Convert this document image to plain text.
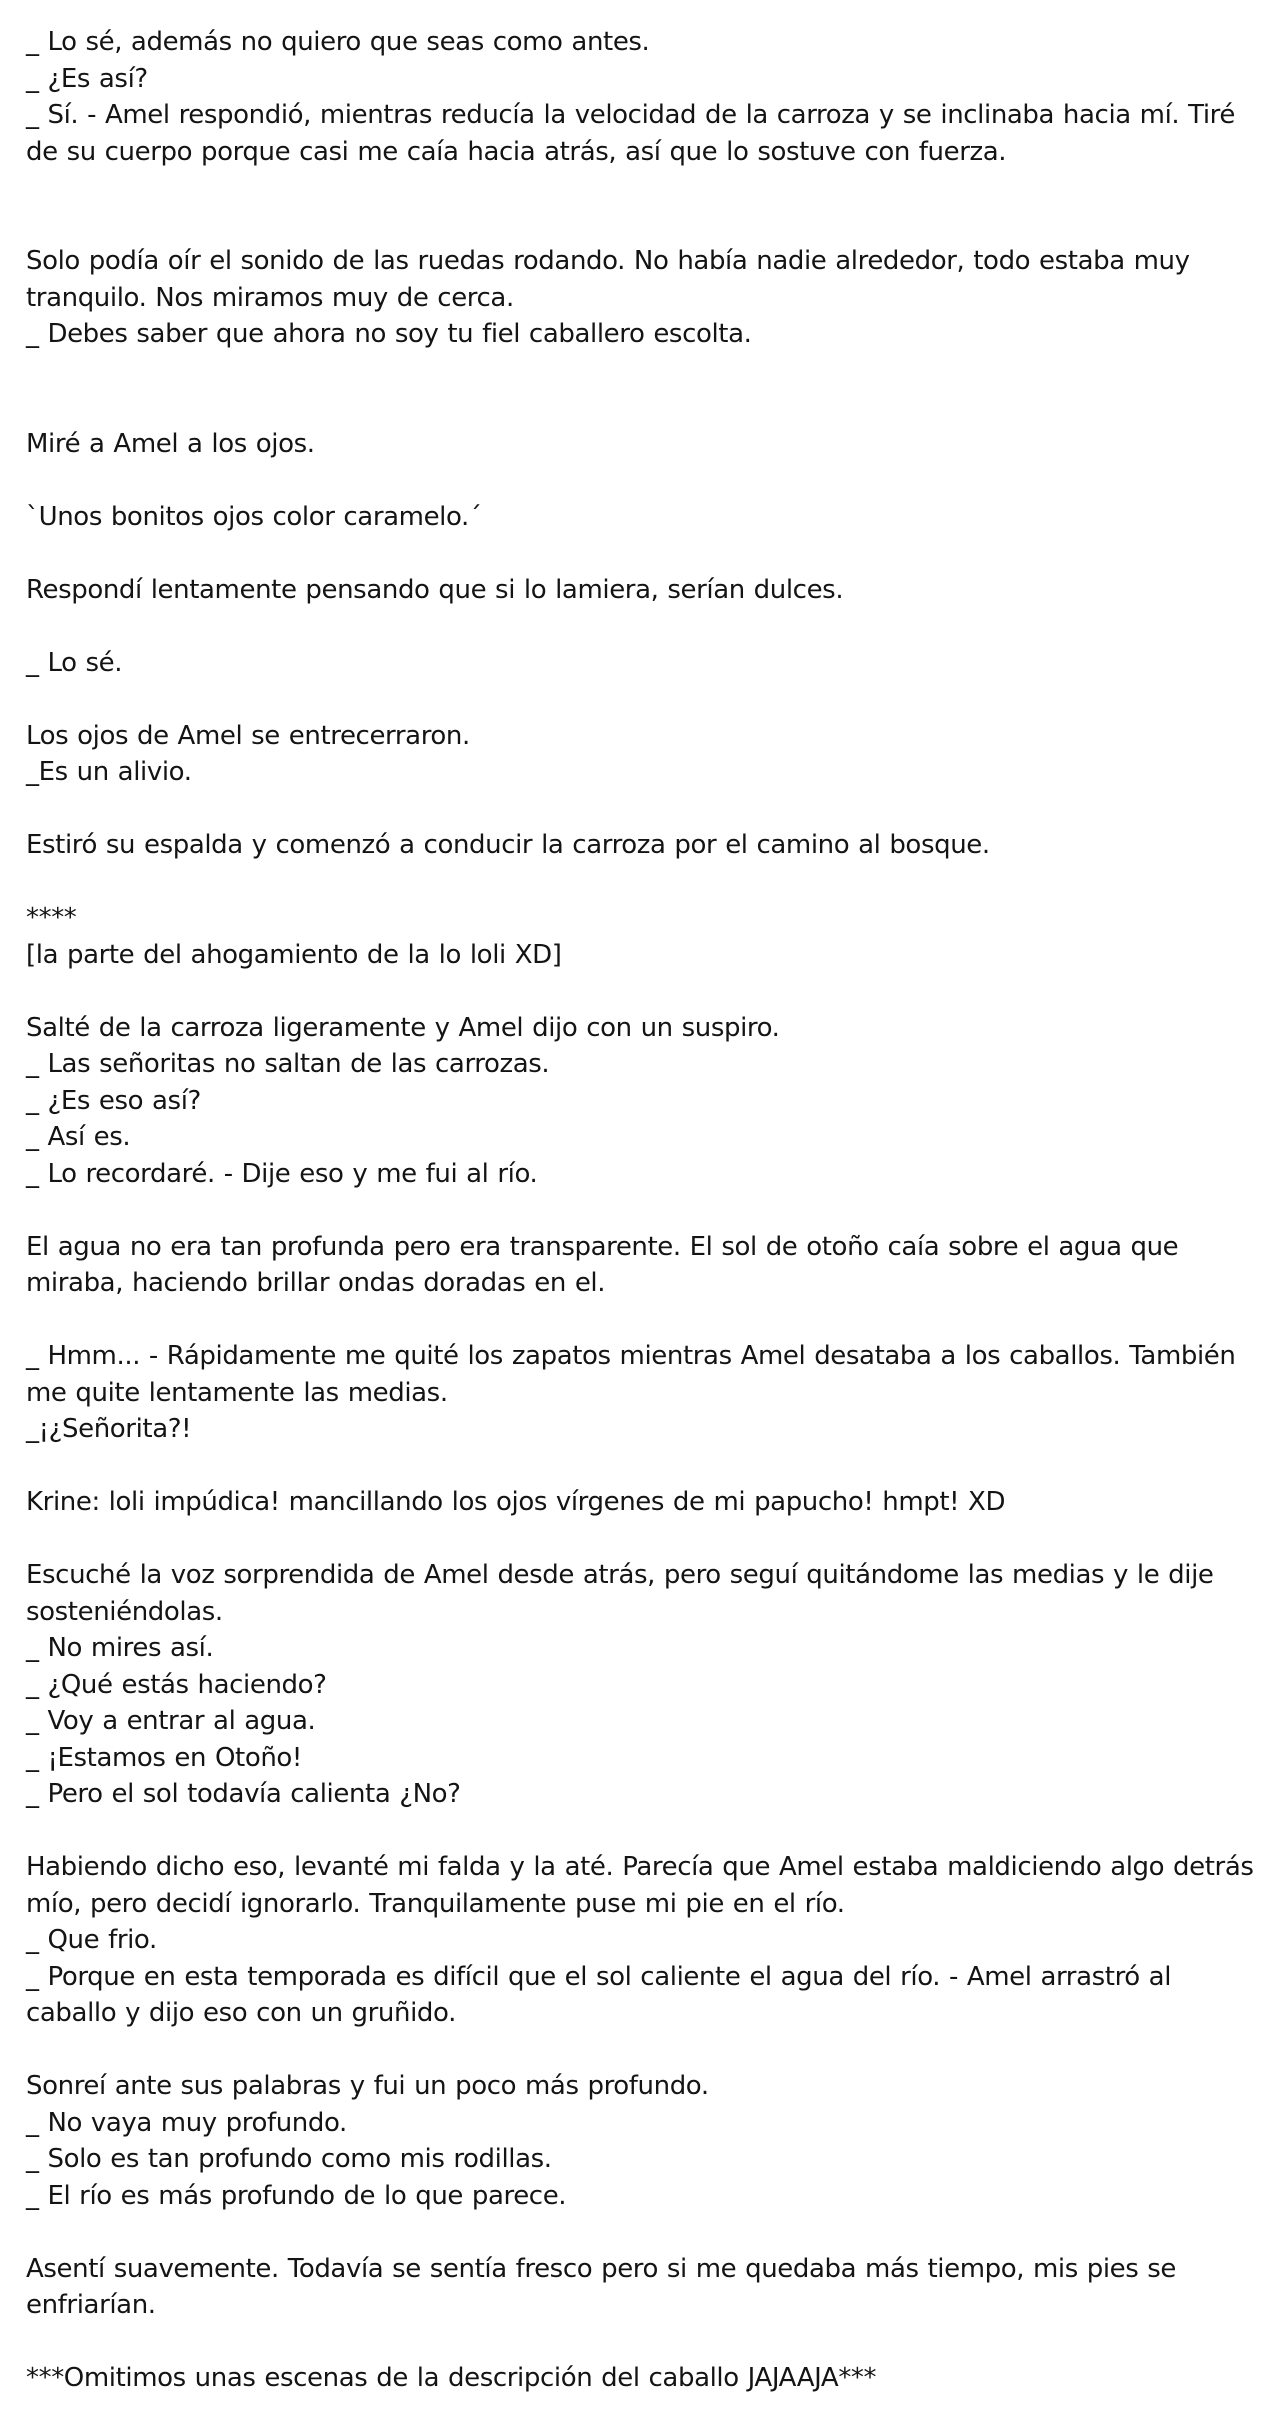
_ Lo sé, además no quiero que seas como antes.
_ ¿Es así?
_ Sí. - Amel respondió, mientras reducía la velocidad de la carroza y se inclinaba hacia mí. Tiré de su cuerpo porque casi me caía hacia atrás, así que lo sostuve con fuerza.
Solo podía oír el sonido de las ruedas rodando. No había nadie alrededor, todo estaba muy tranquilo. Nos miramos muy de cerca.
_ Debes saber que ahora no soy tu fiel caballero escolta.
Miré a Amel a los ojos.
`Unos bonitos ojos color caramelo.´
Respondí lentamente pensando que si lo lamiera, serían dulces.
_ Lo sé.
Los ojos de Amel se entrecerraron.
_Es un alivio.
Estiró su espalda y comenzó a conducir la carroza por el camino al bosque.
****
[la parte del ahogamiento de la lo loli XD]
Salté de la carroza ligeramente y Amel dijo con un suspiro.
_ Las señoritas no saltan de las carrozas.
_ ¿Es eso así?
_ Así es.
_ Lo recordaré. - Dije eso y me fui al río.
El agua no era tan profunda pero era transparente. El sol de otoño caía sobre el agua que miraba, haciendo brillar ondas doradas en el.
_ Hmm... - Rápidamente me quité los zapatos mientras Amel desataba a los caballos. También me quite lentamente las medias.
_¡¿Señorita?!
Krine: loli impúdica! mancillando los ojos vírgenes de mi papucho! hmpt! XD
Escuché la voz sorprendida de Amel desde atrás, pero seguí quitándome las medias y le dije sosteniéndolas.
_ No mires así.
_ ¿Qué estás haciendo?
_ Voy a entrar al agua.
_ ¡Estamos en Otoño!
_ Pero el sol todavía calienta ¿No?
Habiendo dicho eso, levanté mi falda y la até. Parecía que Amel estaba maldiciendo algo detrás mío, pero decidí ignorarlo. Tranquilamente puse mi pie en el río.
_ Que frio.
_ Porque en esta temporada es difícil que el sol caliente el agua del río. - Amel arrastró al caballo y dijo eso con un gruñido.
Sonreí ante sus palabras y fui un poco más profundo.
_ No vaya muy profundo.
_ Solo es tan profundo como mis rodillas.
_ El río es más profundo de lo que parece.
Asentí suavemente. Todavía se sentía fresco pero si me quedaba más tiempo, mis pies se enfriarían.
***Omitimos unas escenas de la descripción del caballo JAJAAJA***
